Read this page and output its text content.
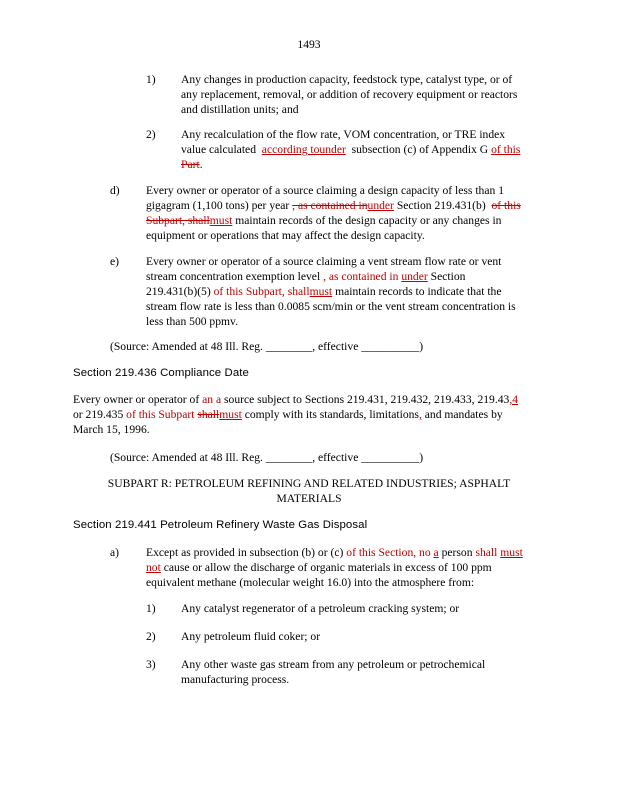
1493
1) Any changes in production capacity, feedstock type, catalyst type, or of
any replacement, removal, or addition of recovery equipment or reactors
and distillation units; and
2) Any recalculation of the flow rate, VOM concentration, or TRE index
value calculated according tounder subsection (c) of Appendix G of this
Part.
d) Every owner or operator of a source claiming a design capacity of less than 1
gigagram (1,100 tons) per year , as contained inunder Section 219.431(b) of this
Subpart, shallmust maintain records of the design capacity or any changes in
equipment or operations that may affect the design capacity.
e) Every owner or operator of a source claiming a vent stream flow rate or vent
stream concentration exemption level , as contained in under Section
219.431(b)(5) of this Subpart, shallmust maintain records to indicate that the
stream flow rate is less than 0.0085 scm/min or the vent stream concentration is
less than 500 ppmv.
(Source: Amended at 48 Ill. Reg. ________, effective __________)
Section 219.436 Compliance Date
Every owner or operator of an a source subject to Sections 219.431, 219.432, 219.433, 219.43,4
or 219.435 of this Subpart shallmust comply with its standards, limitations, and mandates by
March 15, 1996.
(Source: Amended at 48 Ill. Reg. ________, effective __________)
SUBPART R: PETROLEUM REFINING AND RELATED INDUSTRIES; ASPHALT
MATERIALS
Section 219.441 Petroleum Refinery Waste Gas Disposal
a) Except as provided in subsection (b) or (c) of this Section, no a person shall must
not cause or allow the discharge of organic materials in excess of 100 ppm
equivalent methane (molecular weight 16.0) into the atmosphere from:
1) Any catalyst regenerator of a petroleum cracking system; or
2) Any petroleum fluid coker; or
3) Any other waste gas stream from any petroleum or petrochemical
manufacturing process.
